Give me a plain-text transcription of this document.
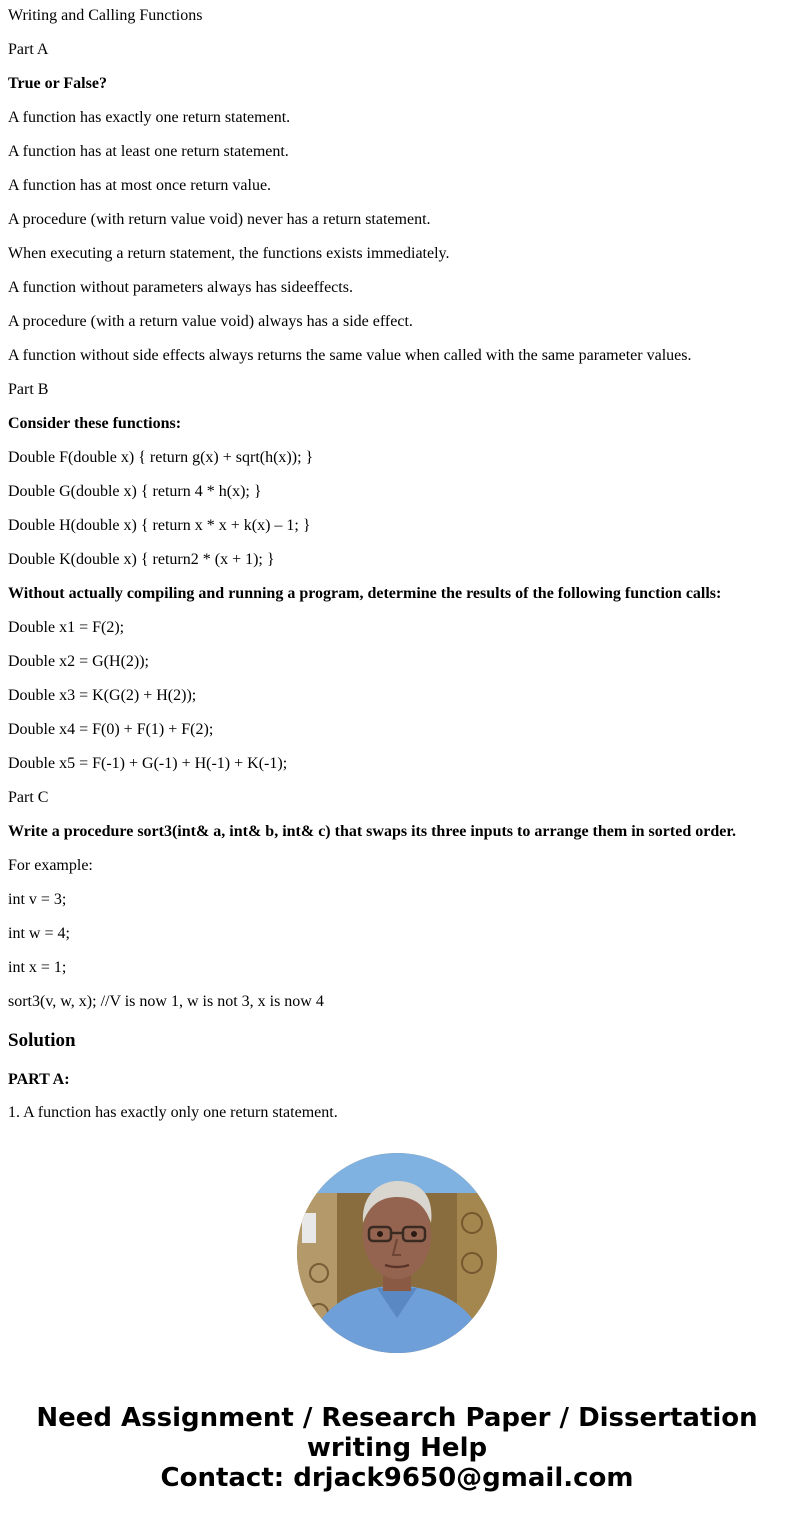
Writing and Calling Functions
Part A
True or False?
A function has exactly one return statement.
A function has at least one return statement.
A function has at most once return value.
A procedure (with return value void) never has a return statement.
When executing a return statement, the functions exists immediately.
A function without parameters always has sideeffects.
A procedure (with a return value void) always has a side effect.
A function without side effects always returns the same value when called with the same parameter values.
Part B
Consider these functions:
Double F(double x) { return g(x) + sqrt(h(x)); }
Double G(double x) { return 4 * h(x); }
Double H(double x) { return x * x + k(x) – 1; }
Double K(double x) { return2 * (x + 1); }
Without actually compiling and running a program, determine the results of the following function calls:
Double x1 = F(2);
Double x2 = G(H(2));
Double x3 = K(G(2) + H(2));
Double x4 = F(0) + F(1) + F(2);
Double x5 = F(-1) + G(-1) + H(-1) + K(-1);
Part C
Write a procedure sort3(int& a, int& b, int& c) that swaps its three inputs to arrange them in sorted order.
For example:
int v = 3;
int w = 4;
int x = 1;
sort3(v, w, x); //V is now 1, w is not 3, x is now 4
Solution
PART A:
1. A function has exactly only one return statement.
Need Assignment / Research Paper / Dissertation
writing Help
Contact: drjack9650@gmail.com
